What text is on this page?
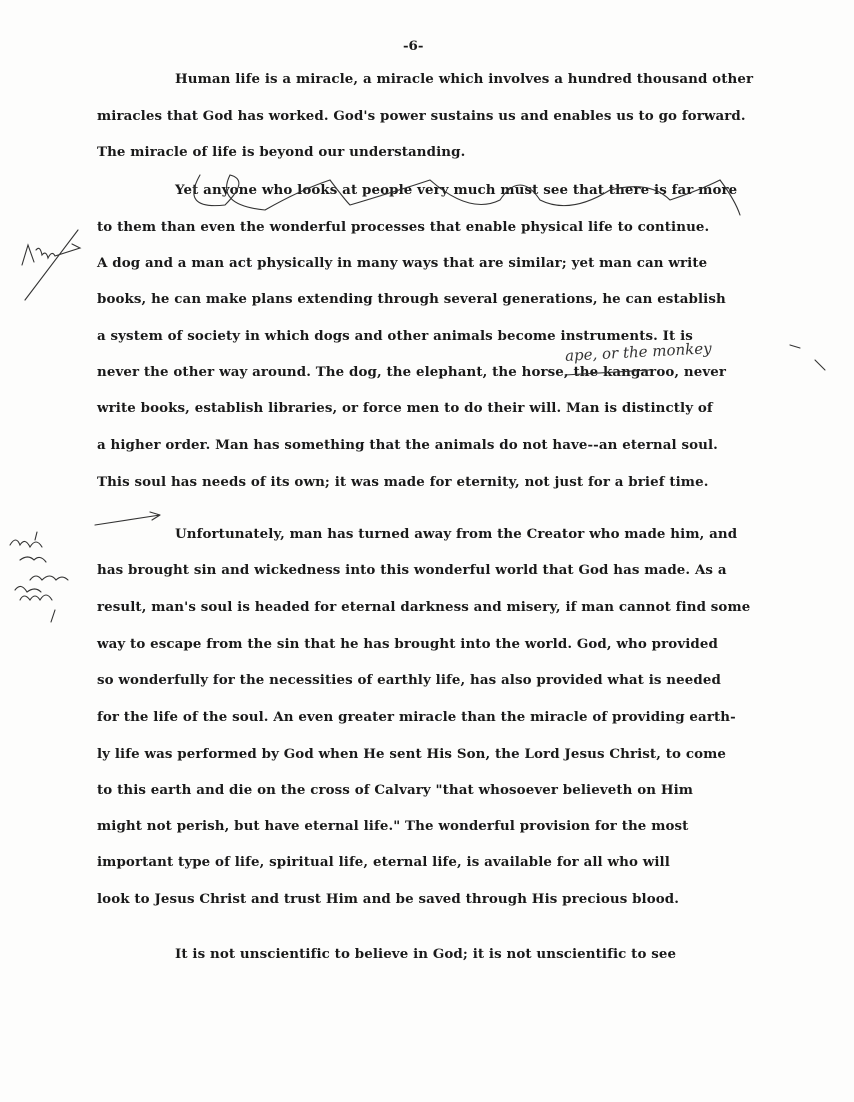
-6-
Human life is a miracle, a miracle which involves a hundred thousand other
miracles that God has worked. God's power sustains us and enables us to go forward.
The miracle of life is beyond our understanding.
Yet anyone who looks at people very much must see that there is far more
to them than even the wonderful processes that enable physical life to continue.
A dog and a man act physically in many ways that are similar; yet man can write
books, he can make plans extending through several generations, he can establish
a system of society in which dogs and other animals become instruments. It is
never the other way around. The dog, the elephant, the horse, the kangaroo, never
write books, establish libraries, or force men to do their will. Man is distinctly of
a higher order. Man has something that the animals do not have--an eternal soul.
This soul has needs of its own; it was made for eternity, not just for a brief time.
Unfortunately, man has turned away from the Creator who made him, and
has brought sin and wickedness into this wonderful world that God has made. As a
result, man's soul is headed for eternal darkness and misery, if man cannot find some
way to escape from the sin that he has brought into the world. God, who provided
so wonderfully for the necessities of earthly life, has also provided what is needed
for the life of the soul. An even greater miracle than the miracle of providing earth-
ly life was performed by God when He sent His Son, the Lord Jesus Christ, to come
to this earth and die on the cross of Calvary "that whosoever believeth on Him
might not perish, but have eternal life." The wonderful provision for the most
important type of life, spiritual life, eternal life, is available for all who will
look to Jesus Christ and trust Him and be saved through His precious blood.
It is not unscientific to believe in God; it is not unscientific to see
ape, or the monkey
